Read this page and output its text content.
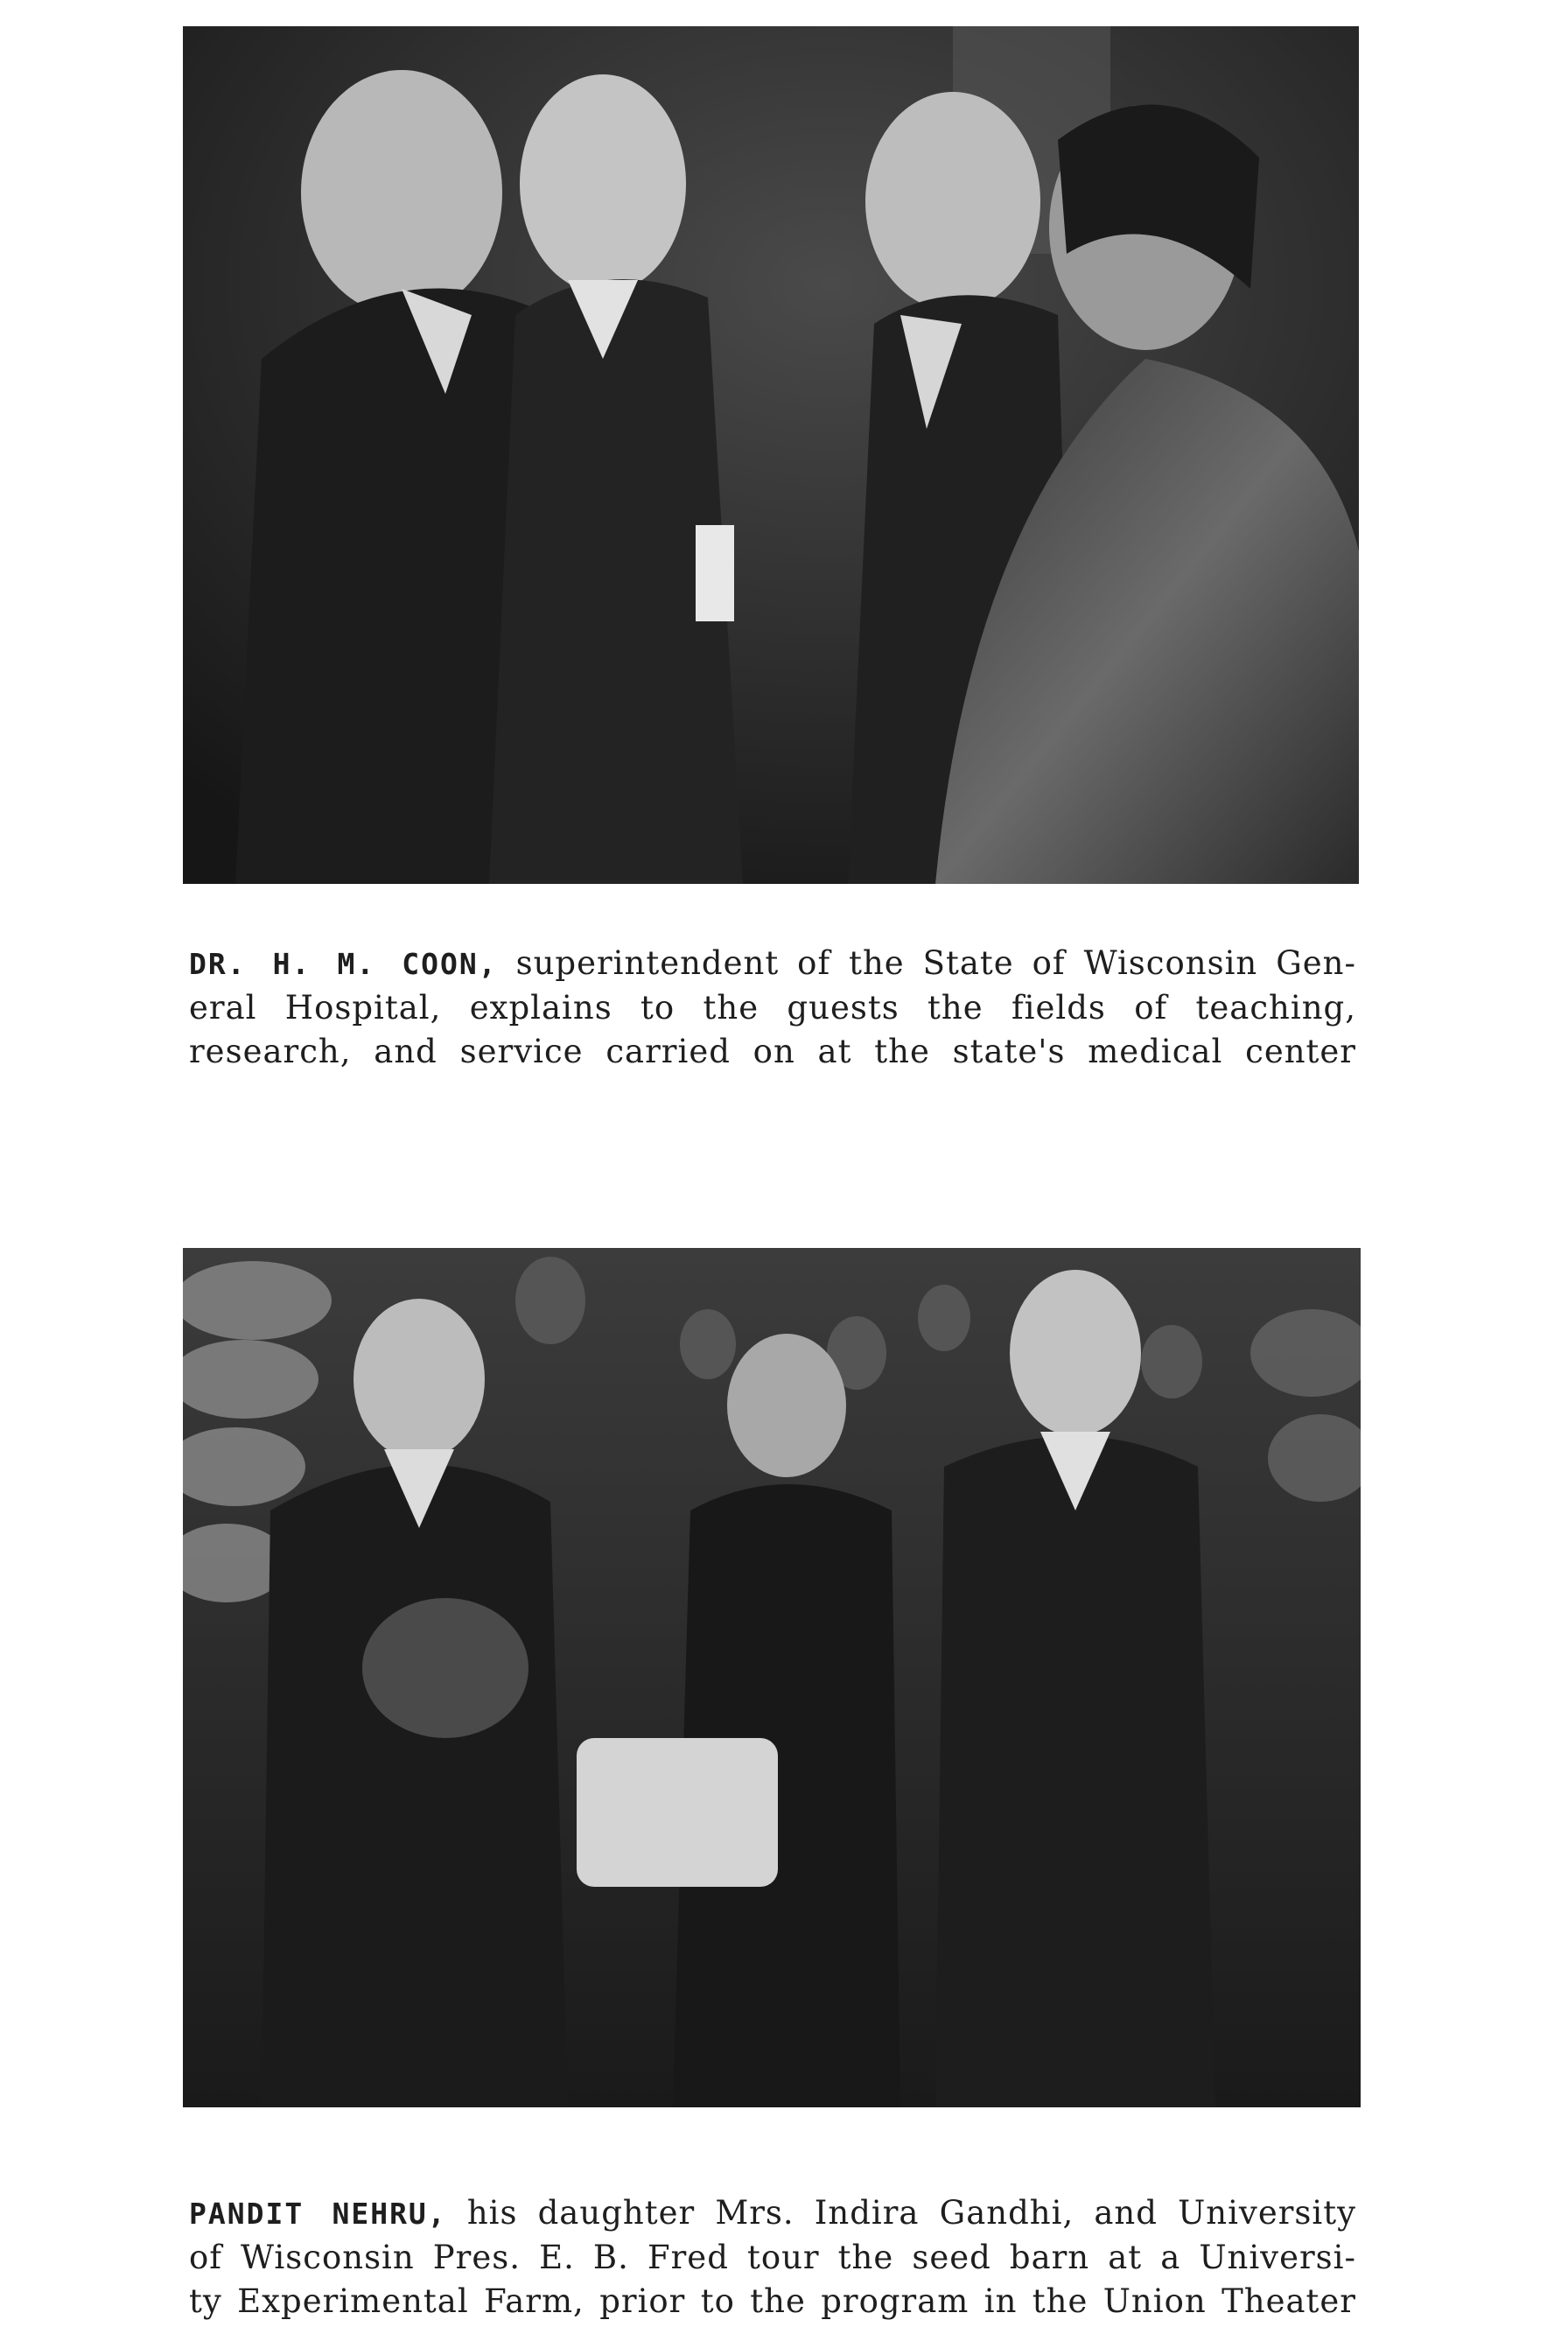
DR. H. M. COON, superintendent of the State of Wisconsin Gen-
eral Hospital, explains to the guests the fields of teaching,
research, and service carried on at the state's medical center

PANDIT NEHRU, his daughter Mrs. Indira Gandhi, and University
of Wisconsin Pres. E. B. Fred tour the seed barn at a Universi-
ty Experimental Farm, prior to the program in the Union Theater
